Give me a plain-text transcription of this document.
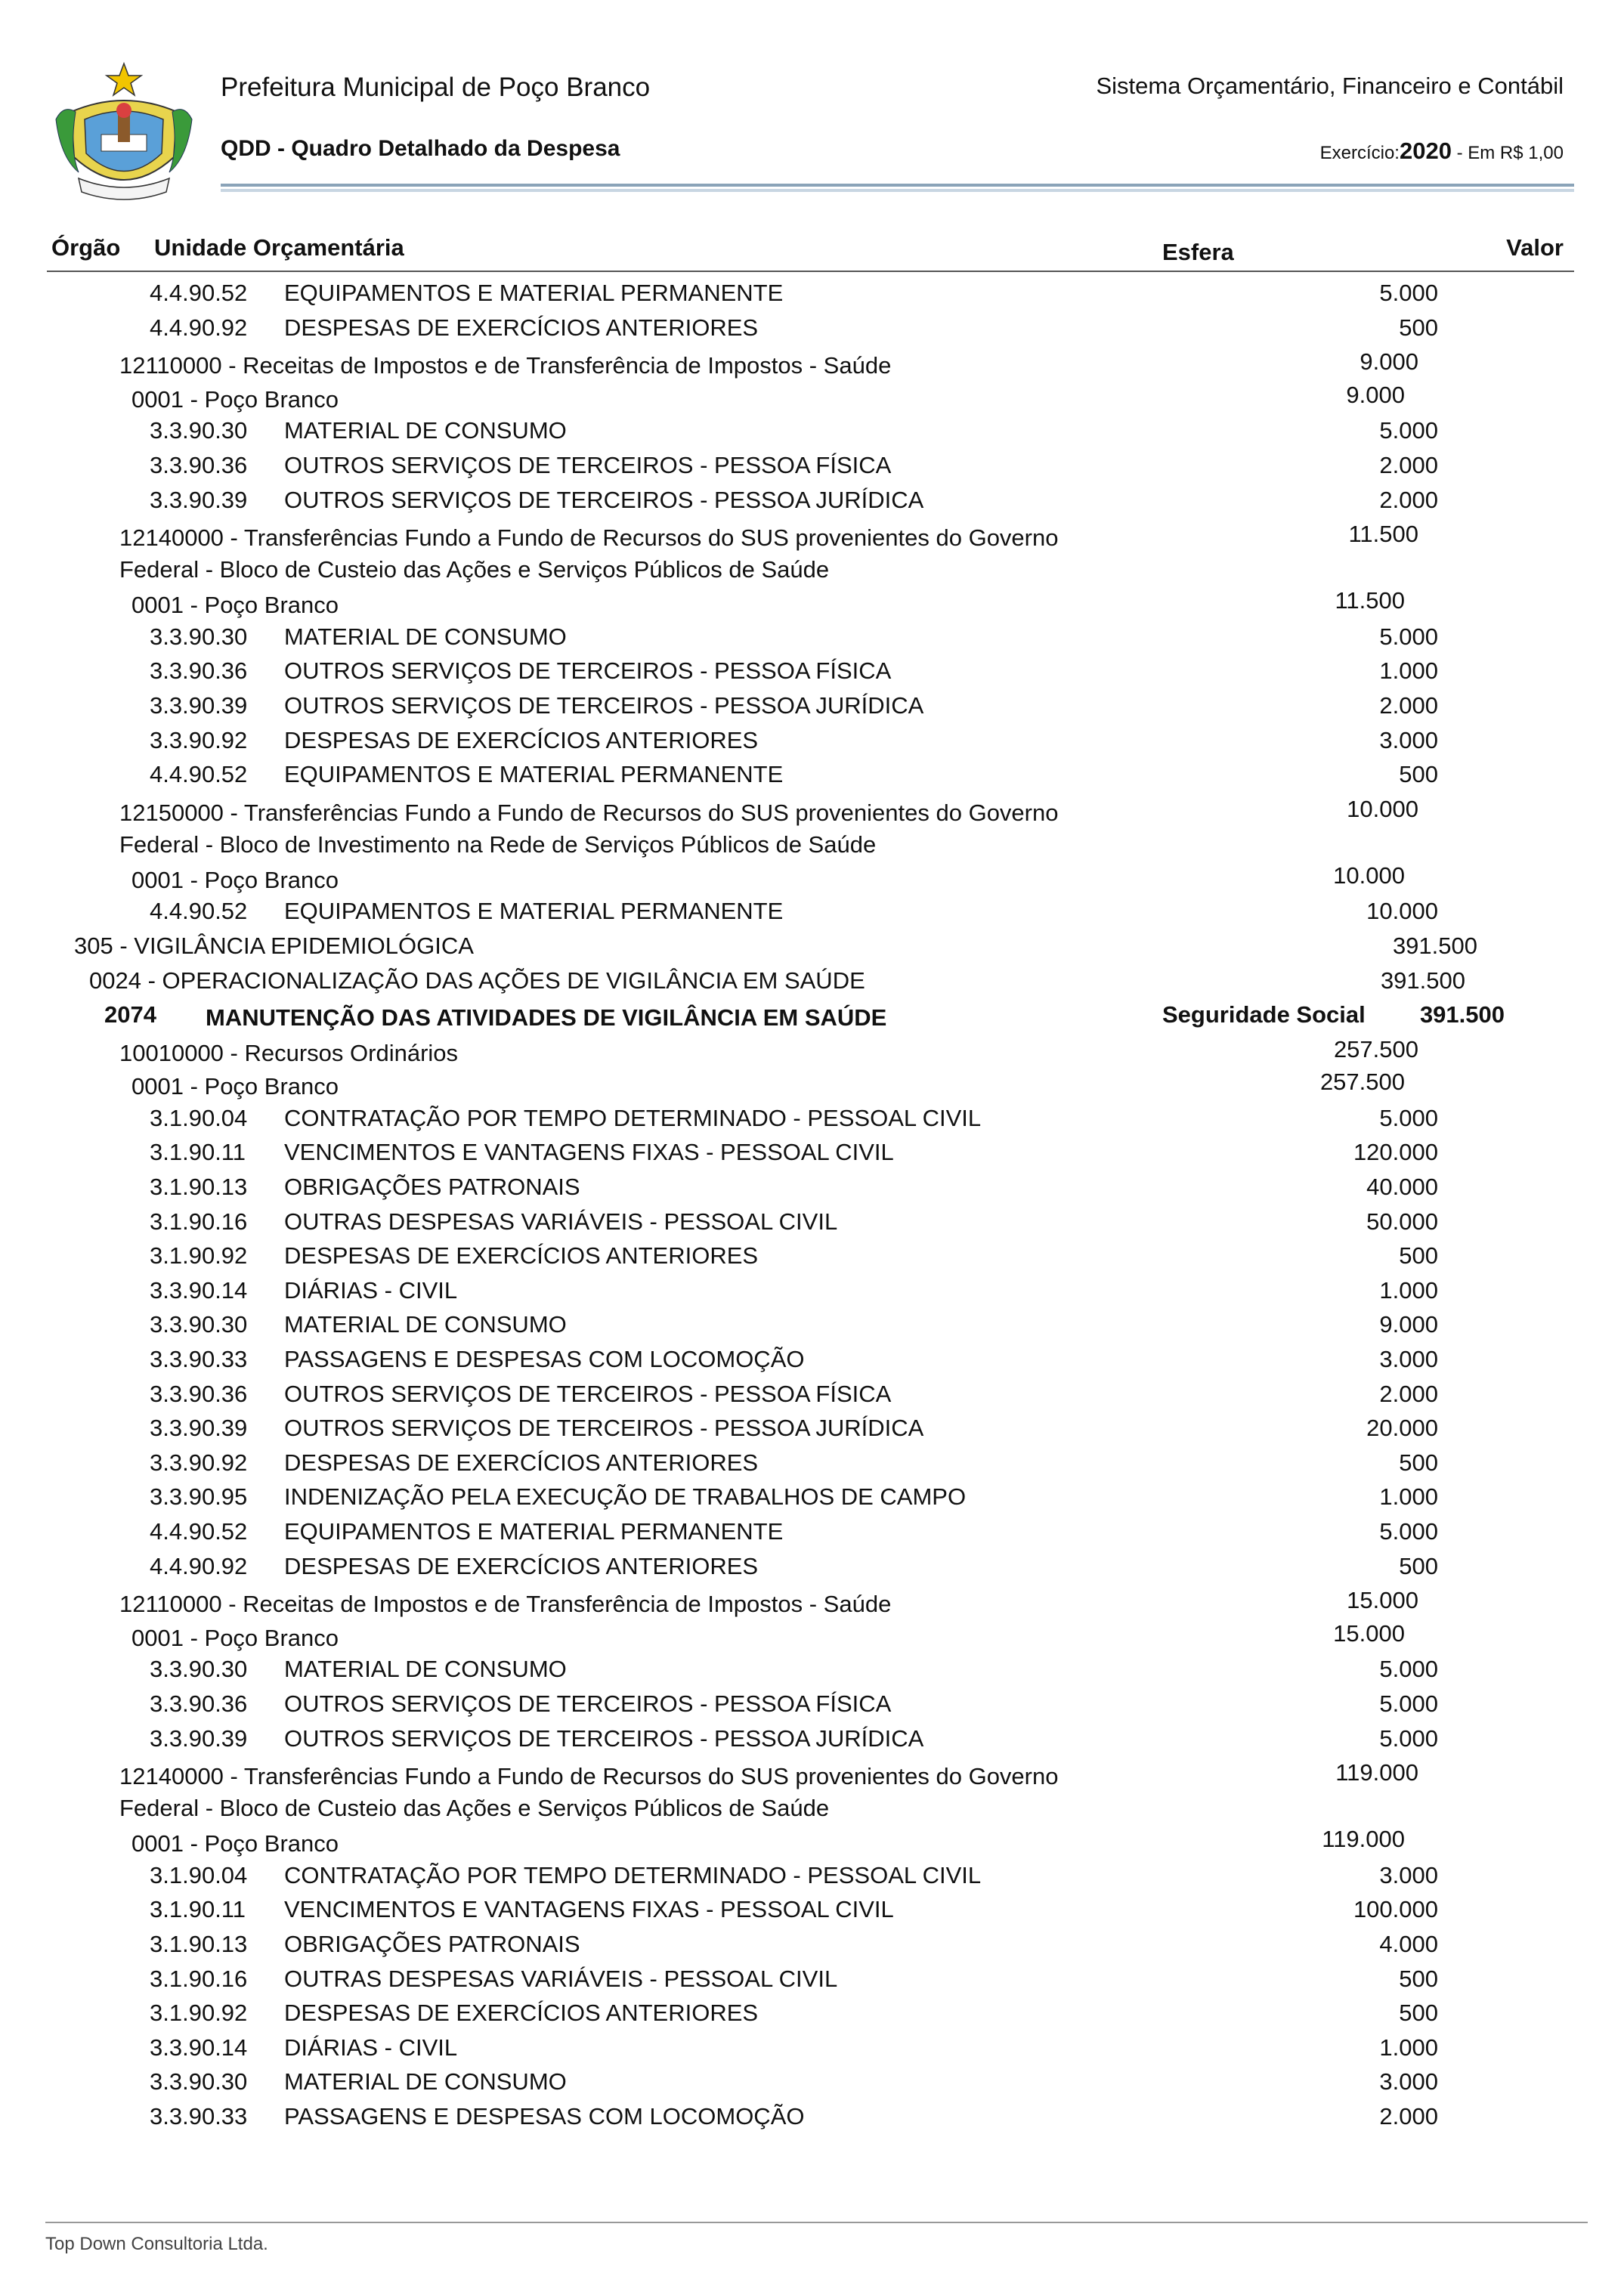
Prefeitura Municipal de Poço Branco
QDD - Quadro Detalhado da Despesa
Sistema Orçamentário, Financeiro e Contábil
Exercício:2020 - Em R$ 1,00
Órgão Unidade Orçamentária	Esfera	Valor
4.4.90.52 EQUIPAMENTOS E MATERIAL PERMANENTE	5.000
4.4.90.92 DESPESAS DE EXERCÍCIOS ANTERIORES	500
12110000 - Receitas de Impostos e de Transferência de Impostos - Saúde	9.000
0001 - Poço Branco	9.000
3.3.90.30 MATERIAL DE CONSUMO	5.000
3.3.90.36 OUTROS SERVIÇOS DE TERCEIROS - PESSOA FÍSICA	2.000
3.3.90.39 OUTROS SERVIÇOS DE TERCEIROS - PESSOA JURÍDICA	2.000
12140000 - Transferências Fundo a Fundo de Recursos do SUS provenientes do Governo
Federal - Bloco de Custeio das Ações e Serviços Públicos de Saúde
11.500
0001 - Poço Branco	11.500
3.3.90.30 MATERIAL DE CONSUMO	5.000
3.3.90.36 OUTROS SERVIÇOS DE TERCEIROS - PESSOA FÍSICA	1.000
3.3.90.39 OUTROS SERVIÇOS DE TERCEIROS - PESSOA JURÍDICA	2.000
3.3.90.92 DESPESAS DE EXERCÍCIOS ANTERIORES	3.000
4.4.90.52 EQUIPAMENTOS E MATERIAL PERMANENTE	500
12150000 - Transferências Fundo a Fundo de Recursos do SUS provenientes do Governo
Federal - Bloco de Investimento na Rede de Serviços Públicos de Saúde
10.000
0001 - Poço Branco	10.000
4.4.90.52 EQUIPAMENTOS E MATERIAL PERMANENTE	10.000
305 - VIGILÂNCIA EPIDEMIOLÓGICA	391.500
0024 - OPERACIONALIZAÇÃO DAS AÇÕES DE VIGILÂNCIA EM SAÚDE	391.500
2074 MANUTENÇÃO DAS ATIVIDADES DE VIGILÂNCIA EM SAÚDE	Seguridade Social 391.500
10010000 - Recursos Ordinários	257.500
0001 - Poço Branco	257.500
3.1.90.04 CONTRATAÇÃO POR TEMPO DETERMINADO - PESSOAL CIVIL	5.000
3.1.90.11 VENCIMENTOS E VANTAGENS FIXAS - PESSOAL CIVIL	120.000
3.1.90.13 OBRIGAÇÕES PATRONAIS	40.000
3.1.90.16 OUTRAS DESPESAS VARIÁVEIS - PESSOAL CIVIL	50.000
3.1.90.92 DESPESAS DE EXERCÍCIOS ANTERIORES	500
3.3.90.14 DIÁRIAS - CIVIL	1.000
3.3.90.30 MATERIAL DE CONSUMO	9.000
3.3.90.33 PASSAGENS E DESPESAS COM LOCOMOÇÃO	3.000
3.3.90.36 OUTROS SERVIÇOS DE TERCEIROS - PESSOA FÍSICA	2.000
3.3.90.39 OUTROS SERVIÇOS DE TERCEIROS - PESSOA JURÍDICA	20.000
3.3.90.92 DESPESAS DE EXERCÍCIOS ANTERIORES	500
3.3.90.95 INDENIZAÇÃO PELA EXECUÇÃO DE TRABALHOS DE CAMPO	1.000
4.4.90.52 EQUIPAMENTOS E MATERIAL PERMANENTE	5.000
4.4.90.92 DESPESAS DE EXERCÍCIOS ANTERIORES	500
12110000 - Receitas de Impostos e de Transferência de Impostos - Saúde	15.000
0001 - Poço Branco	15.000
3.3.90.30 MATERIAL DE CONSUMO	5.000
3.3.90.36 OUTROS SERVIÇOS DE TERCEIROS - PESSOA FÍSICA	5.000
3.3.90.39 OUTROS SERVIÇOS DE TERCEIROS - PESSOA JURÍDICA	5.000
12140000 - Transferências Fundo a Fundo de Recursos do SUS provenientes do Governo
Federal - Bloco de Custeio das Ações e Serviços Públicos de Saúde
119.000
0001 - Poço Branco	119.000
3.1.90.04 CONTRATAÇÃO POR TEMPO DETERMINADO - PESSOAL CIVIL	3.000
3.1.90.11 VENCIMENTOS E VANTAGENS FIXAS - PESSOAL CIVIL	100.000
3.1.90.13 OBRIGAÇÕES PATRONAIS	4.000
3.1.90.16 OUTRAS DESPESAS VARIÁVEIS - PESSOAL CIVIL	500
3.1.90.92 DESPESAS DE EXERCÍCIOS ANTERIORES	500
3.3.90.14 DIÁRIAS - CIVIL	1.000
3.3.90.30 MATERIAL DE CONSUMO	3.000
3.3.90.33 PASSAGENS E DESPESAS COM LOCOMOÇÃO	2.000
Top Down Consultoria Ltda.
